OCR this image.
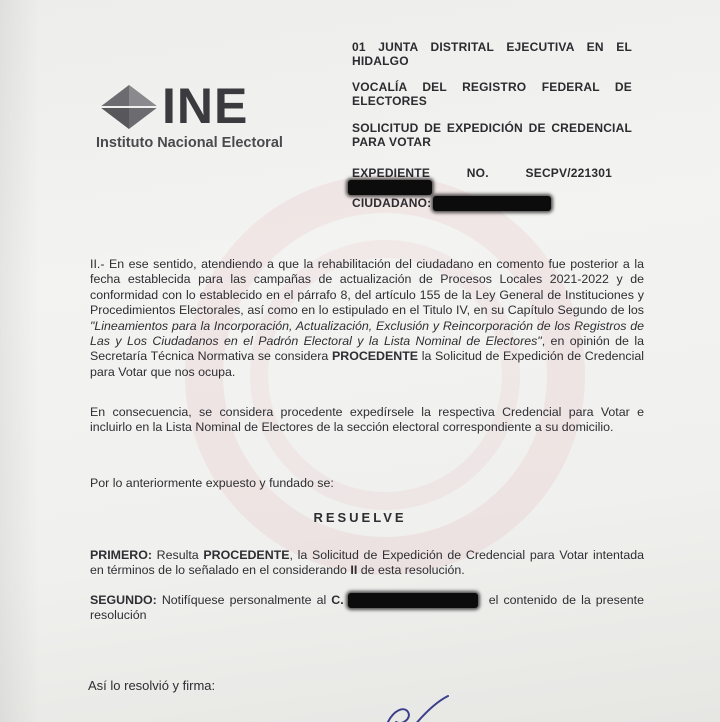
INE
Instituto Nacional Electoral
01 JUNTA DISTRITAL EJECUTIVA EN EL HIDALGO
VOCALÍA DEL REGISTRO FEDERAL DE ELECTORES
SOLICITUD DE EXPEDICIÓN DE CREDENCIAL PARA VOTAR
EXPEDIENTE NO. SECPV/221301
CIUDADANO:
II.- En ese sentido, atendiendo a que la rehabilitación del ciudadano en comento fue posterior a la fecha establecida para las campañas de actualización de Procesos Locales 2021-2022 y de conformidad con lo establecido en el párrafo 8, del artículo 155 de la Ley General de Instituciones y Procedimientos Electorales, así como en lo estipulado en el Titulo IV, en su Capítulo Segundo de los "Lineamientos para la Incorporación, Actualización, Exclusión y Reincorporación de los Registros de Las y Los Ciudadanos en el Padrón Electoral y la Lista Nominal de Electores", en opinión de la Secretaría Técnica Normativa se considera PROCEDENTE la Solicitud de Expedición de Credencial para Votar que nos ocupa.
En consecuencia, se considera procedente expedírsele la respectiva Credencial para Votar e incluirlo en la Lista Nominal de Electores de la sección electoral correspondiente a su domicilio.
Por lo anteriormente expuesto y fundado se:
RESUELVE
PRIMERO: Resulta PROCEDENTE, la Solicitud de Expedición de Credencial para Votar intentada en términos de lo señalado en el considerando II de esta resolución.
SEGUNDO: Notifíquese personalmente al C.	el contenido de la presente resolución
Así lo resolvió y firma:
